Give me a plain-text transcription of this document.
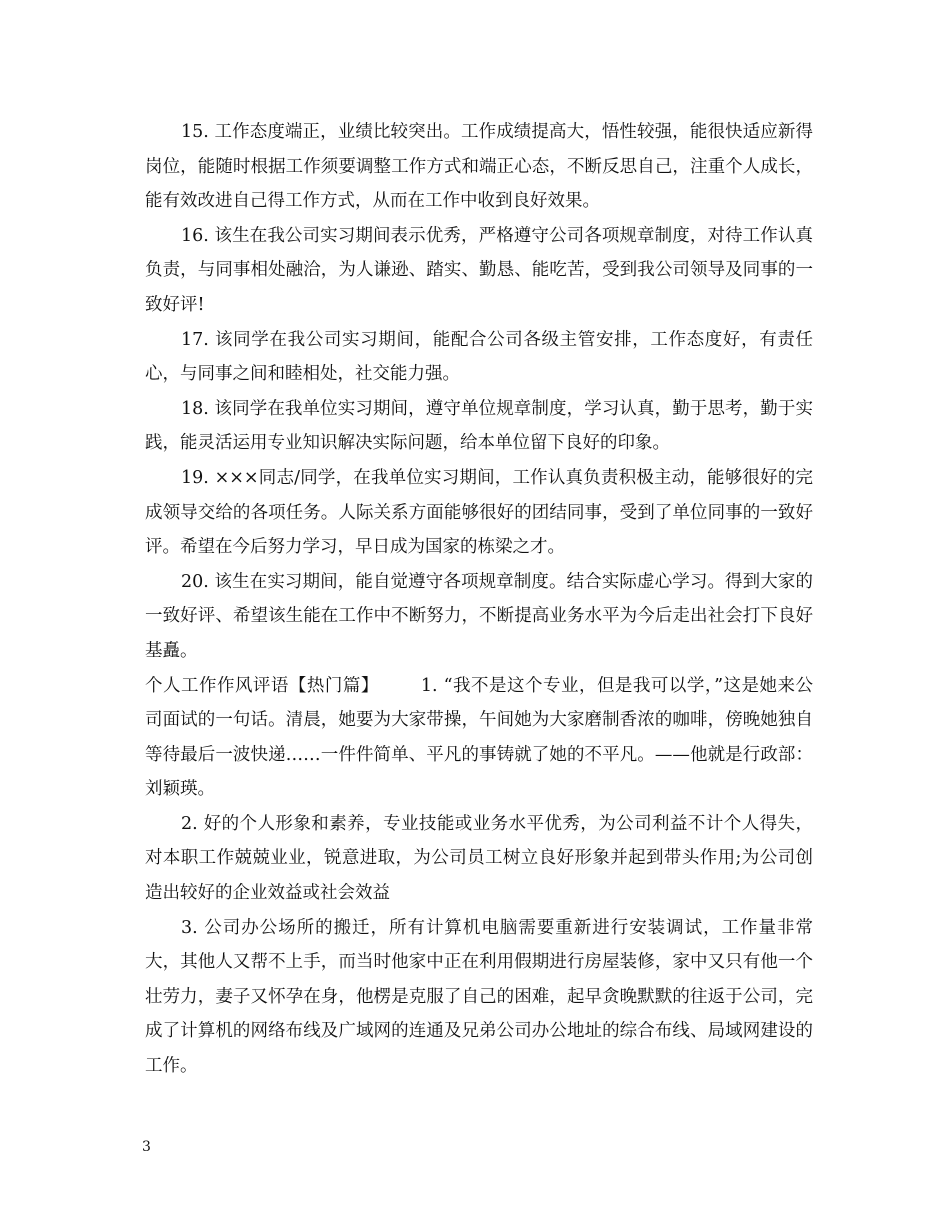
15. 工作态度端正，业绩比较突出。工作成绩提高大，悟性较强，能很快适应新得岗位，能随时根据工作须要调整工作方式和端正心态，不断反思自己，注重个人成长，能有效改进自己得工作方式，从而在工作中收到良好效果。

16. 该生在我公司实习期间表示优秀，严格遵守公司各项规章制度，对待工作认真负责，与同事相处融洽，为人谦逊、踏实、勤恳、能吃苦，受到我公司领导及同事的一致好评!

17. 该同学在我公司实习期间，能配合公司各级主管安排，工作态度好，有责任心，与同事之间和睦相处，社交能力强。

18. 该同学在我单位实习期间，遵守单位规章制度，学习认真，勤于思考，勤于实践，能灵活运用专业知识解决实际问题，给本单位留下良好的印象。

19. ×××同志/同学，在我单位实习期间，工作认真负责积极主动，能够很好的完成领导交给的各项任务。人际关系方面能够很好的团结同事，受到了单位同事的一致好评。希望在今后努力学习，早日成为国家的栋梁之才。

20. 该生在实习期间，能自觉遵守各项规章制度。结合实际虚心学习。得到大家的一致好评、希望该生能在工作中不断努力，不断提高业务水平为今后走出社会打下良好基矗。

个人工作作风评语【热门篇】 1. “我不是这个专业，但是我可以学，”这是她来公司面试的一句话。清晨，她要为大家带操，午间她为大家磨制香浓的咖啡，傍晚她独自等待最后一波快递……一件件简单、平凡的事铸就了她的不平凡。——他就是行政部：刘颖瑛。

2. 好的个人形象和素养，专业技能或业务水平优秀，为公司利益不计个人得失，对本职工作兢兢业业，锐意进取，为公司员工树立良好形象并起到带头作用;为公司创造出较好的企业效益或社会效益

3. 公司办公场所的搬迁，所有计算机电脑需要重新进行安装调试，工作量非常大，其他人又帮不上手，而当时他家中正在利用假期进行房屋装修，家中又只有他一个壮劳力，妻子又怀孕在身，他楞是克服了自己的困难，起早贪晚默默的往返于公司，完成了计算机的网络布线及广域网的连通及兄弟公司办公地址的综合布线、局域网建设的工作。

3
